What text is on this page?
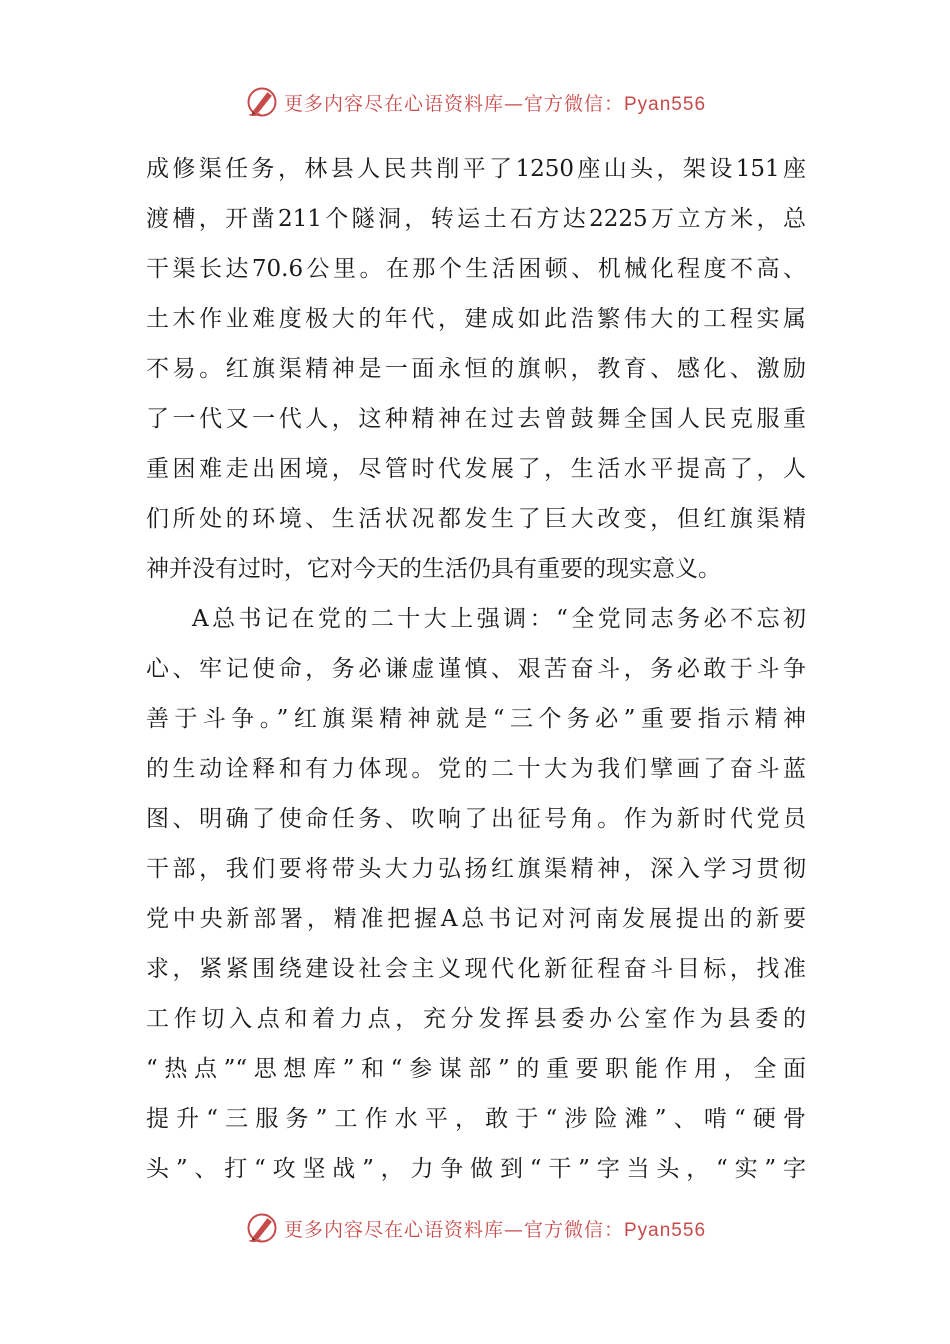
更多内容尽在心语资料库—官方微信：Pyan556
成修渠任务，林县人民共削平了1250座山头，架设151座
渡槽，开凿211个隧洞，转运土石方达2225万立方米，总
干渠长达70.6公里。在那个生活困顿、机械化程度不高、
土木作业难度极大的年代，建成如此浩繁伟大的工程实属
不易。红旗渠精神是一面永恒的旗帜，教育、感化、激励
了一代又一代人，这种精神在过去曾鼓舞全国人民克服重
重困难走出困境，尽管时代发展了，生活水平提高了，人
们所处的环境、生活状况都发生了巨大改变，但红旗渠精
神并没有过时，它对今天的生活仍具有重要的现实意义。
A总书记在党的二十大上强调：“全党同志务必不忘初
心、牢记使命，务必谦虚谨慎、艰苦奋斗，务必敢于斗争
善于斗争。”红旗渠精神就是“三个务必”重要指示精神
的生动诠释和有力体现。党的二十大为我们擘画了奋斗蓝
图、明确了使命任务、吹响了出征号角。作为新时代党员
干部，我们要将带头大力弘扬红旗渠精神，深入学习贯彻
党中央新部署，精准把握A总书记对河南发展提出的新要
求，紧紧围绕建设社会主义现代化新征程奋斗目标，找准
工作切入点和着力点，充分发挥县委办公室作为县委的
“热点”“思想库”和“参谋部”的重要职能作用，全面
提升“三服务”工作水平，敢于“涉险滩”、啃“硬骨
头”、打“攻坚战”，力争做到“干”字当头，“实”字
更多内容尽在心语资料库—官方微信：Pyan556
